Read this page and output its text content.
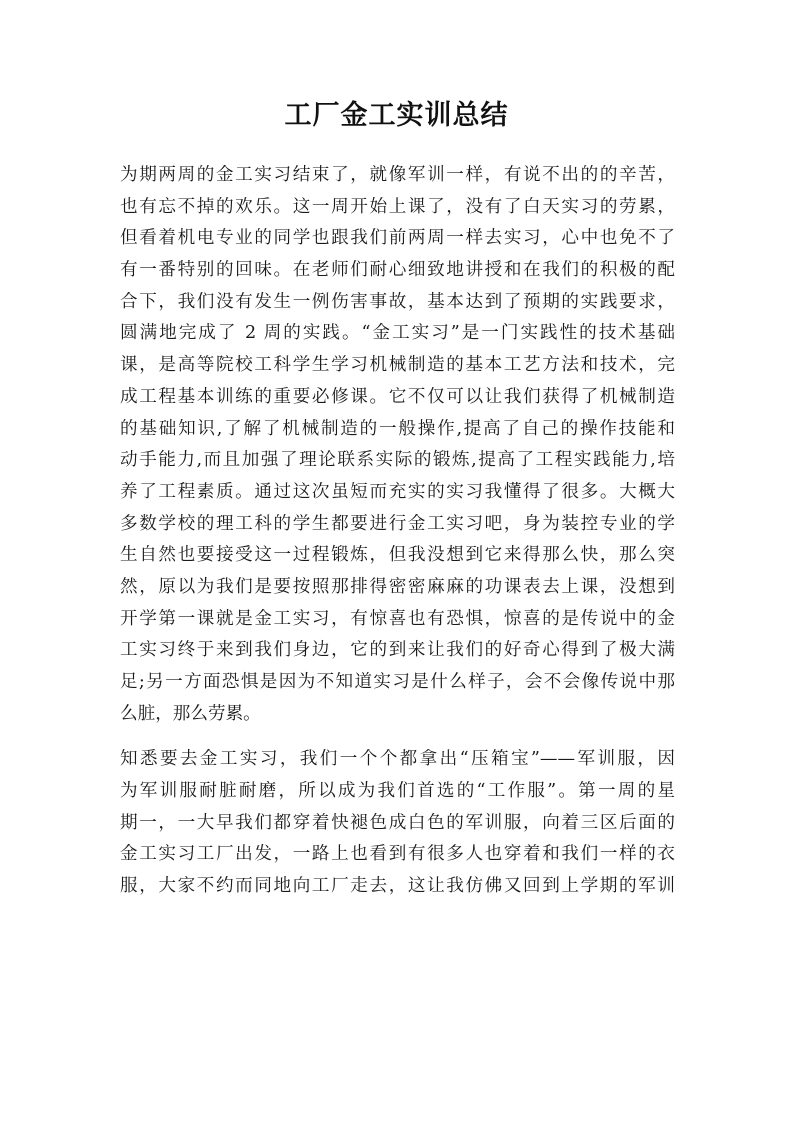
工厂金工实训总结
为期两周的金工实习结束了，就像军训一样，有说不出的的辛苦，
也有忘不掉的欢乐。这一周开始上课了，没有了白天实习的劳累，
但看着机电专业的同学也跟我们前两周一样去实习，心中也免不了
有一番特别的回味。在老师们耐心细致地讲授和在我们的积极的配
合下，我们没有发生一例伤害事故，基本达到了预期的实践要求，
圆满地完成了 2 周的实践。“金工实习”是一门实践性的技术基础
课，是高等院校工科学生学习机械制造的基本工艺方法和技术，完
成工程基本训练的重要必修课。它不仅可以让我们获得了机械制造
的基础知识,了解了机械制造的一般操作,提高了自己的操作技能和
动手能力,而且加强了理论联系实际的锻炼,提高了工程实践能力,培
养了工程素质。通过这次虽短而充实的实习我懂得了很多。大概大
多数学校的理工科的学生都要进行金工实习吧，身为装控专业的学
生自然也要接受这一过程锻炼，但我没想到它来得那么快，那么突
然，原以为我们是要按照那排得密密麻麻的功课表去上课，没想到
开学第一课就是金工实习，有惊喜也有恐惧，惊喜的是传说中的金
工实习终于来到我们身边，它的到来让我们的好奇心得到了极大满
足;另一方面恐惧是因为不知道实习是什么样子，会不会像传说中那
么脏，那么劳累。
知悉要去金工实习，我们一个个都拿出“压箱宝”——军训服，因
为军训服耐脏耐磨，所以成为我们首选的“工作服”。第一周的星
期一，一大早我们都穿着快褪色成白色的军训服，向着三区后面的
金工实习工厂出发，一路上也看到有很多人也穿着和我们一样的衣
服，大家不约而同地向工厂走去，这让我仿佛又回到上学期的军训
